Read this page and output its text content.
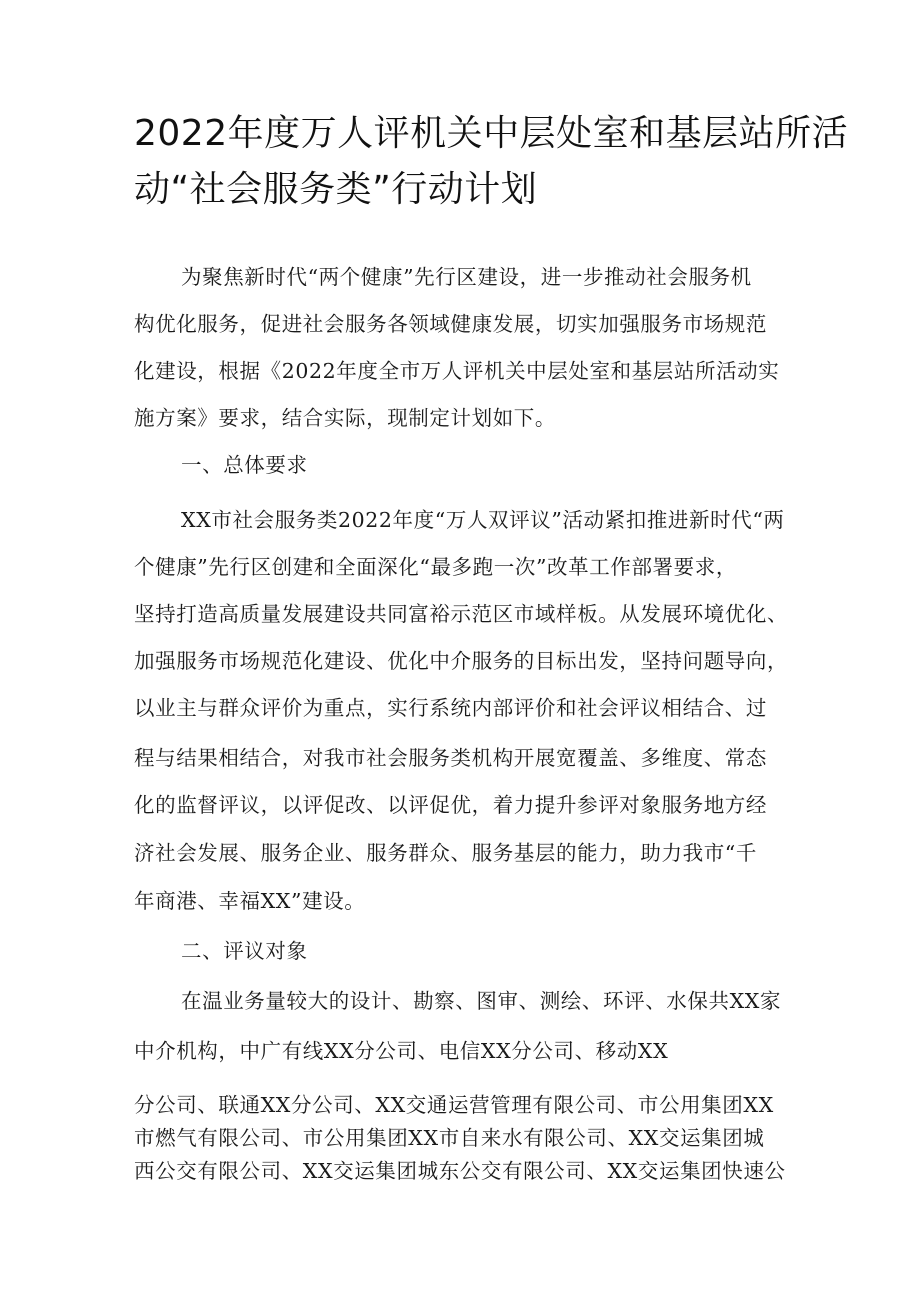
2022年度万人评机关中层处室和基层站所活
动“社会服务类”行动计划
为聚焦新时代“两个健康”先行区建设，进一步推动社会服务机
构优化服务，促进社会服务各领域健康发展，切实加强服务市场规范
化建设，根据《2022年度全市万人评机关中层处室和基层站所活动实
施方案》要求，结合实际，现制定计划如下。
一、总体要求
XX市社会服务类2022年度“万人双评议”活动紧扣推进新时代“两
个健康”先行区创建和全面深化“最多跑一次”改革工作部署要求，
坚持打造高质量发展建设共同富裕示范区市域样板。从发展环境优化、
加强服务市场规范化建设、优化中介服务的目标出发，坚持问题导向，
以业主与群众评价为重点，实行系统内部评价和社会评议相结合、过
程与结果相结合，对我市社会服务类机构开展宽覆盖、多维度、常态
化的监督评议，以评促改、以评促优，着力提升参评对象服务地方经
济社会发展、服务企业、服务群众、服务基层的能力，助力我市“千
年商港、幸福XX”建设。
二、评议对象
在温业务量较大的设计、勘察、图审、测绘、环评、水保共XX家
中介机构，中广有线XX分公司、电信XX分公司、移动XX
分公司、联通XX分公司、XX交通运营管理有限公司、市公用集团XX
市燃气有限公司、市公用集团XX市自来水有限公司、XX交运集团城
西公交有限公司、XX交运集团城东公交有限公司、XX交运集团快速公
